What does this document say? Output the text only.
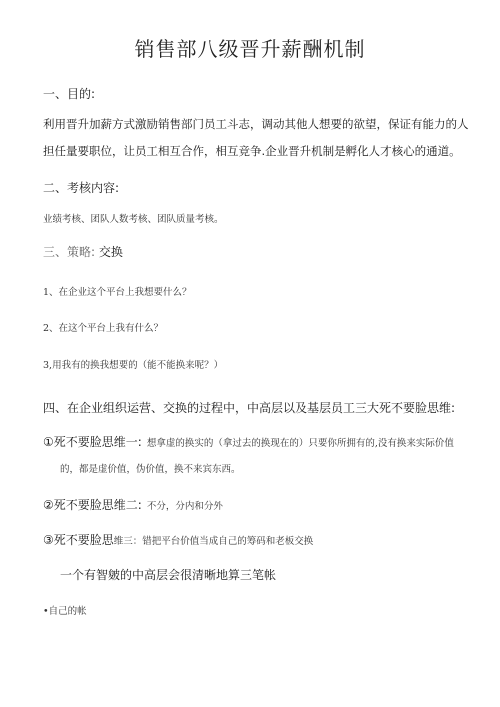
销售部八级晋升薪酬机制
一、目的:
利用晋升加薪方式激励销售部门员工斗志，调动其他人想要的欲望，保证有能力的人
担任量要职位，让员工相互合作，相互竞争.企业晋升机制是孵化人才核心的通道。
二、考核内容:
业绩考核、团队人数考核、团队质量考核。
三、策略: 交换
1、在企业这个平台上我想要什么？
2、在这个平台上我有什么？
3,用我有的换我想要的（能不能换来呢？）
四、在企业组织运营、交换的过程中，中高层以及基层员工三大死不要脸思维:
①死不要脸思维一: 想拿虚的换实的（拿过去的换现在的）只要你所拥有的,没有换来实际价值
的，都是虚价值，伪价值，换不来宾东西。
②死不要脸思维二: 不分，分内和分外
③死不要脸思维三：错把平台价值当成自己的筹码和老板交换
一个有智皴的中高层会很清晰地算三笔帐
•自己的帐
